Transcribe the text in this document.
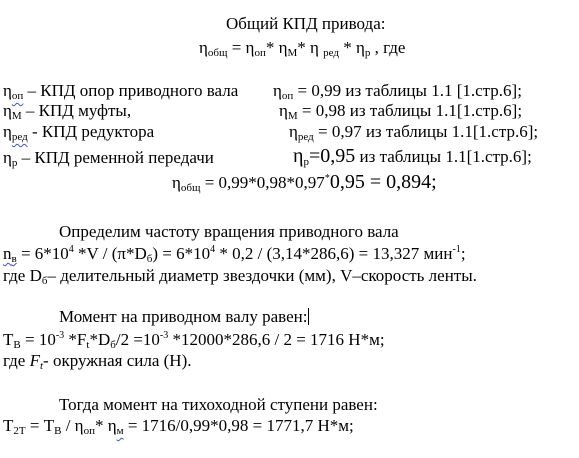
Общий КПД привода:
$\eta_{общ} = \eta_{оп}*$ $\eta_М*$ η $_{ред} * \eta_р$ , где
$\eta_{оп}$ – КПД опор приводного вала $\eta_{оп} = 0,99$ из таблицы 1.1 [1.стр.6];
$\eta_М$ – КПД муфты,	$\eta_М = 0,98$ из таблицы 1.1[1.стр.6];
$\eta_{ред}$ - КПД редуктора	$\eta_{ред} = 0,97$ из таблицы 1.1[1.стр.6];
$\eta_р$ – КПД ременной передачи	$\eta_р=0,95$ из таблицы 1.1[1.стр.6];
$\eta_{общ} = 0,99*0,98*0,97^*0,95 = 0,894$;
Определим частоту вращения приводного вала
$n_в = 6*10^4$ $*V / (\pi*D_б) = 6*10^4 * 0,2 / (3,14*286,6) = 13,327$ мин$^{-1}$;
где $D_б-$ делительный диаметр звездочки (мм), V–скорость ленты.
Момент на приводном валу равен:
$Т_В = 10^{-3}$ $*F_t*D_б/2 =10^{-3}$ *12000*286,6 / 2 = 1716 Н*м;
где $F_t-$ окружная сила (Н).
Тогда момент на тихоходной ступени равен:
$Т_{2Т} = Т_В / \eta_{оп}*$ $\eta_м = 1716/0,99*0,98 = 1771,7$ Н*м;
